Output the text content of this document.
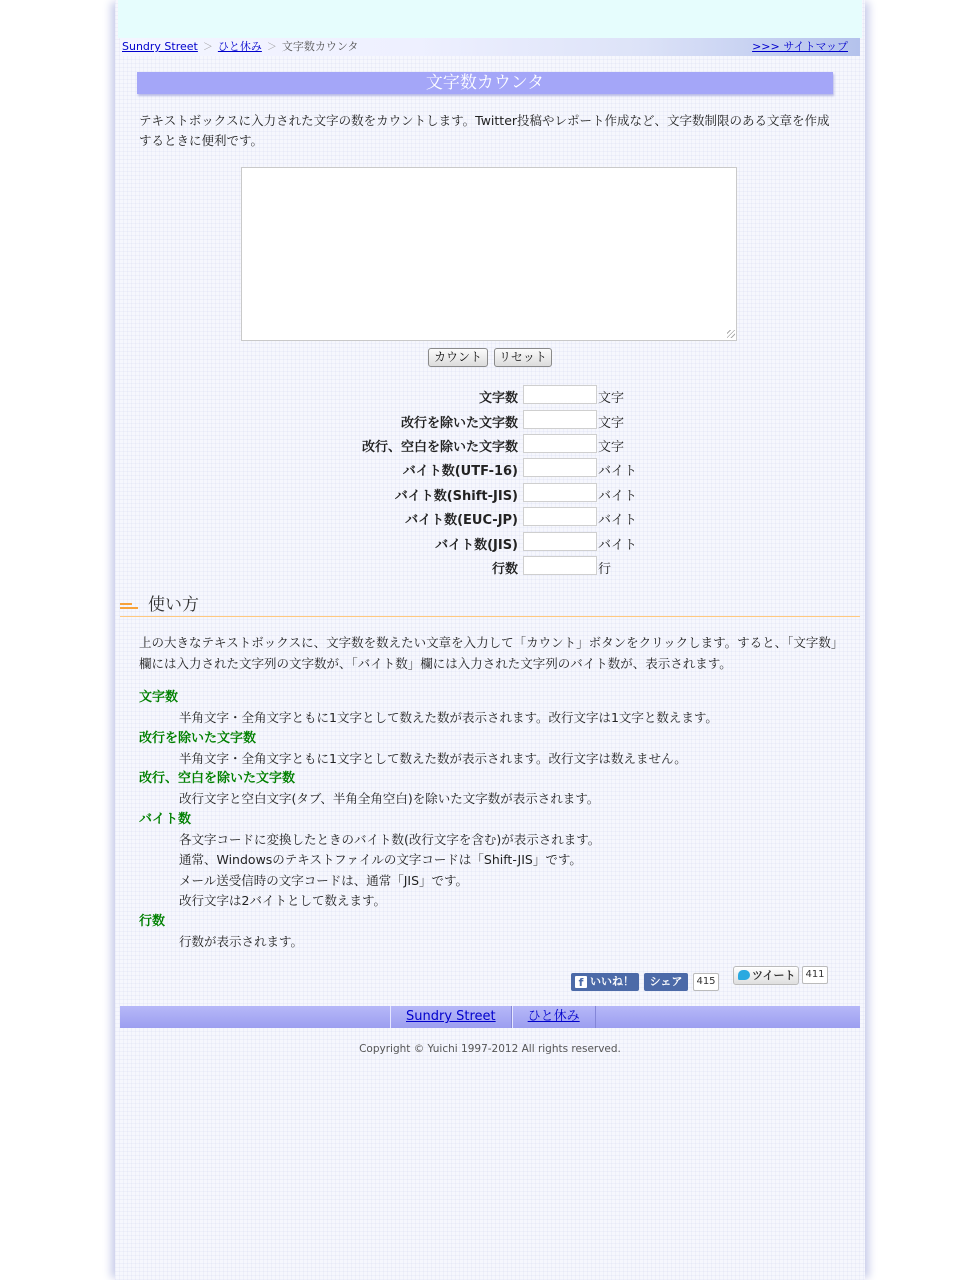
Sundry Street ＞ ひと休み ＞ 文字数カウンタ	>>> サイトマップ
文字数カウンタ
テキストボックスに入力された文字の数をカウントします。Twitter投稿やレポート作成など、文字数制限のある文章を作成するときに便利です。
カウント	リセット
文字数	文字
改行を除いた文字数	文字
改行、空白を除いた文字数	文字
バイト数(UTF-16)	バイト
バイト数(Shift-JIS)	バイト
バイト数(EUC-JP)	バイト
バイト数(JIS)	バイト
行数	行
使い方
上の大きなテキストボックスに、文字数を数えたい文章を入力して「カウント」ボタンをクリックします。すると、「文字数」欄には入力された文字列の文字数が、「バイト数」欄には入力された文字列のバイト数が、表示されます。
文字数
半角文字・全角文字ともに1文字として数えた数が表示されます。改行文字は1文字と数えます。
改行を除いた文字数
半角文字・全角文字ともに1文字として数えた数が表示されます。改行文字は数えません。
改行、空白を除いた文字数
改行文字と空白文字(タブ、半角全角空白)を除いた文字数が表示されます。
バイト数
各文字コードに変換したときのバイト数(改行文字を含む)が表示されます。
通常、Windowsのテキストファイルの文字コードは「Shift-JIS」です。
メール送受信時の文字コードは、通常「JIS」です。
改行文字は2バイトとして数えます。
行数
行数が表示されます。
f いいね！	シェア	415	ツイート	411
Sundry Street	ひと休み
Copyright © Yuichi 1997-2012 All rights reserved.
